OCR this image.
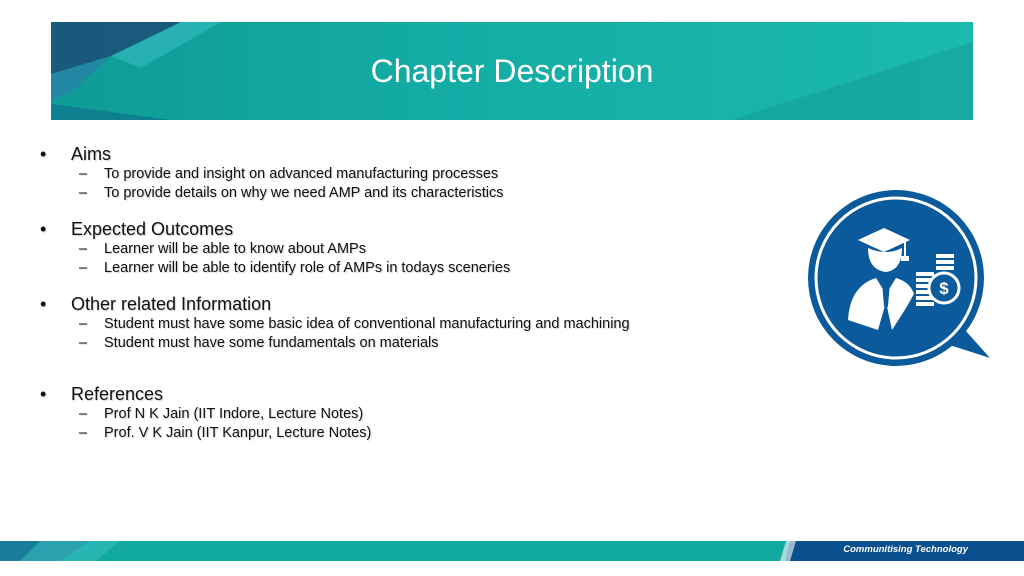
Chapter Description
• Aims
– To provide and insight on advanced manufacturing processes
– To provide details on why we need AMP and its characteristics
• Expected Outcomes
– Learner will be able to know about AMPs
– Learner will be able to identify role of AMPs in todays sceneries
• Other related Information
– Student must have some basic idea of conventional manufacturing and machining
– Student must have some fundamentals on materials
• References
– Prof N K Jain (IIT Indore, Lecture Notes)
– Prof. V K Jain (IIT Kanpur, Lecture Notes)
$
Communitising Technology
